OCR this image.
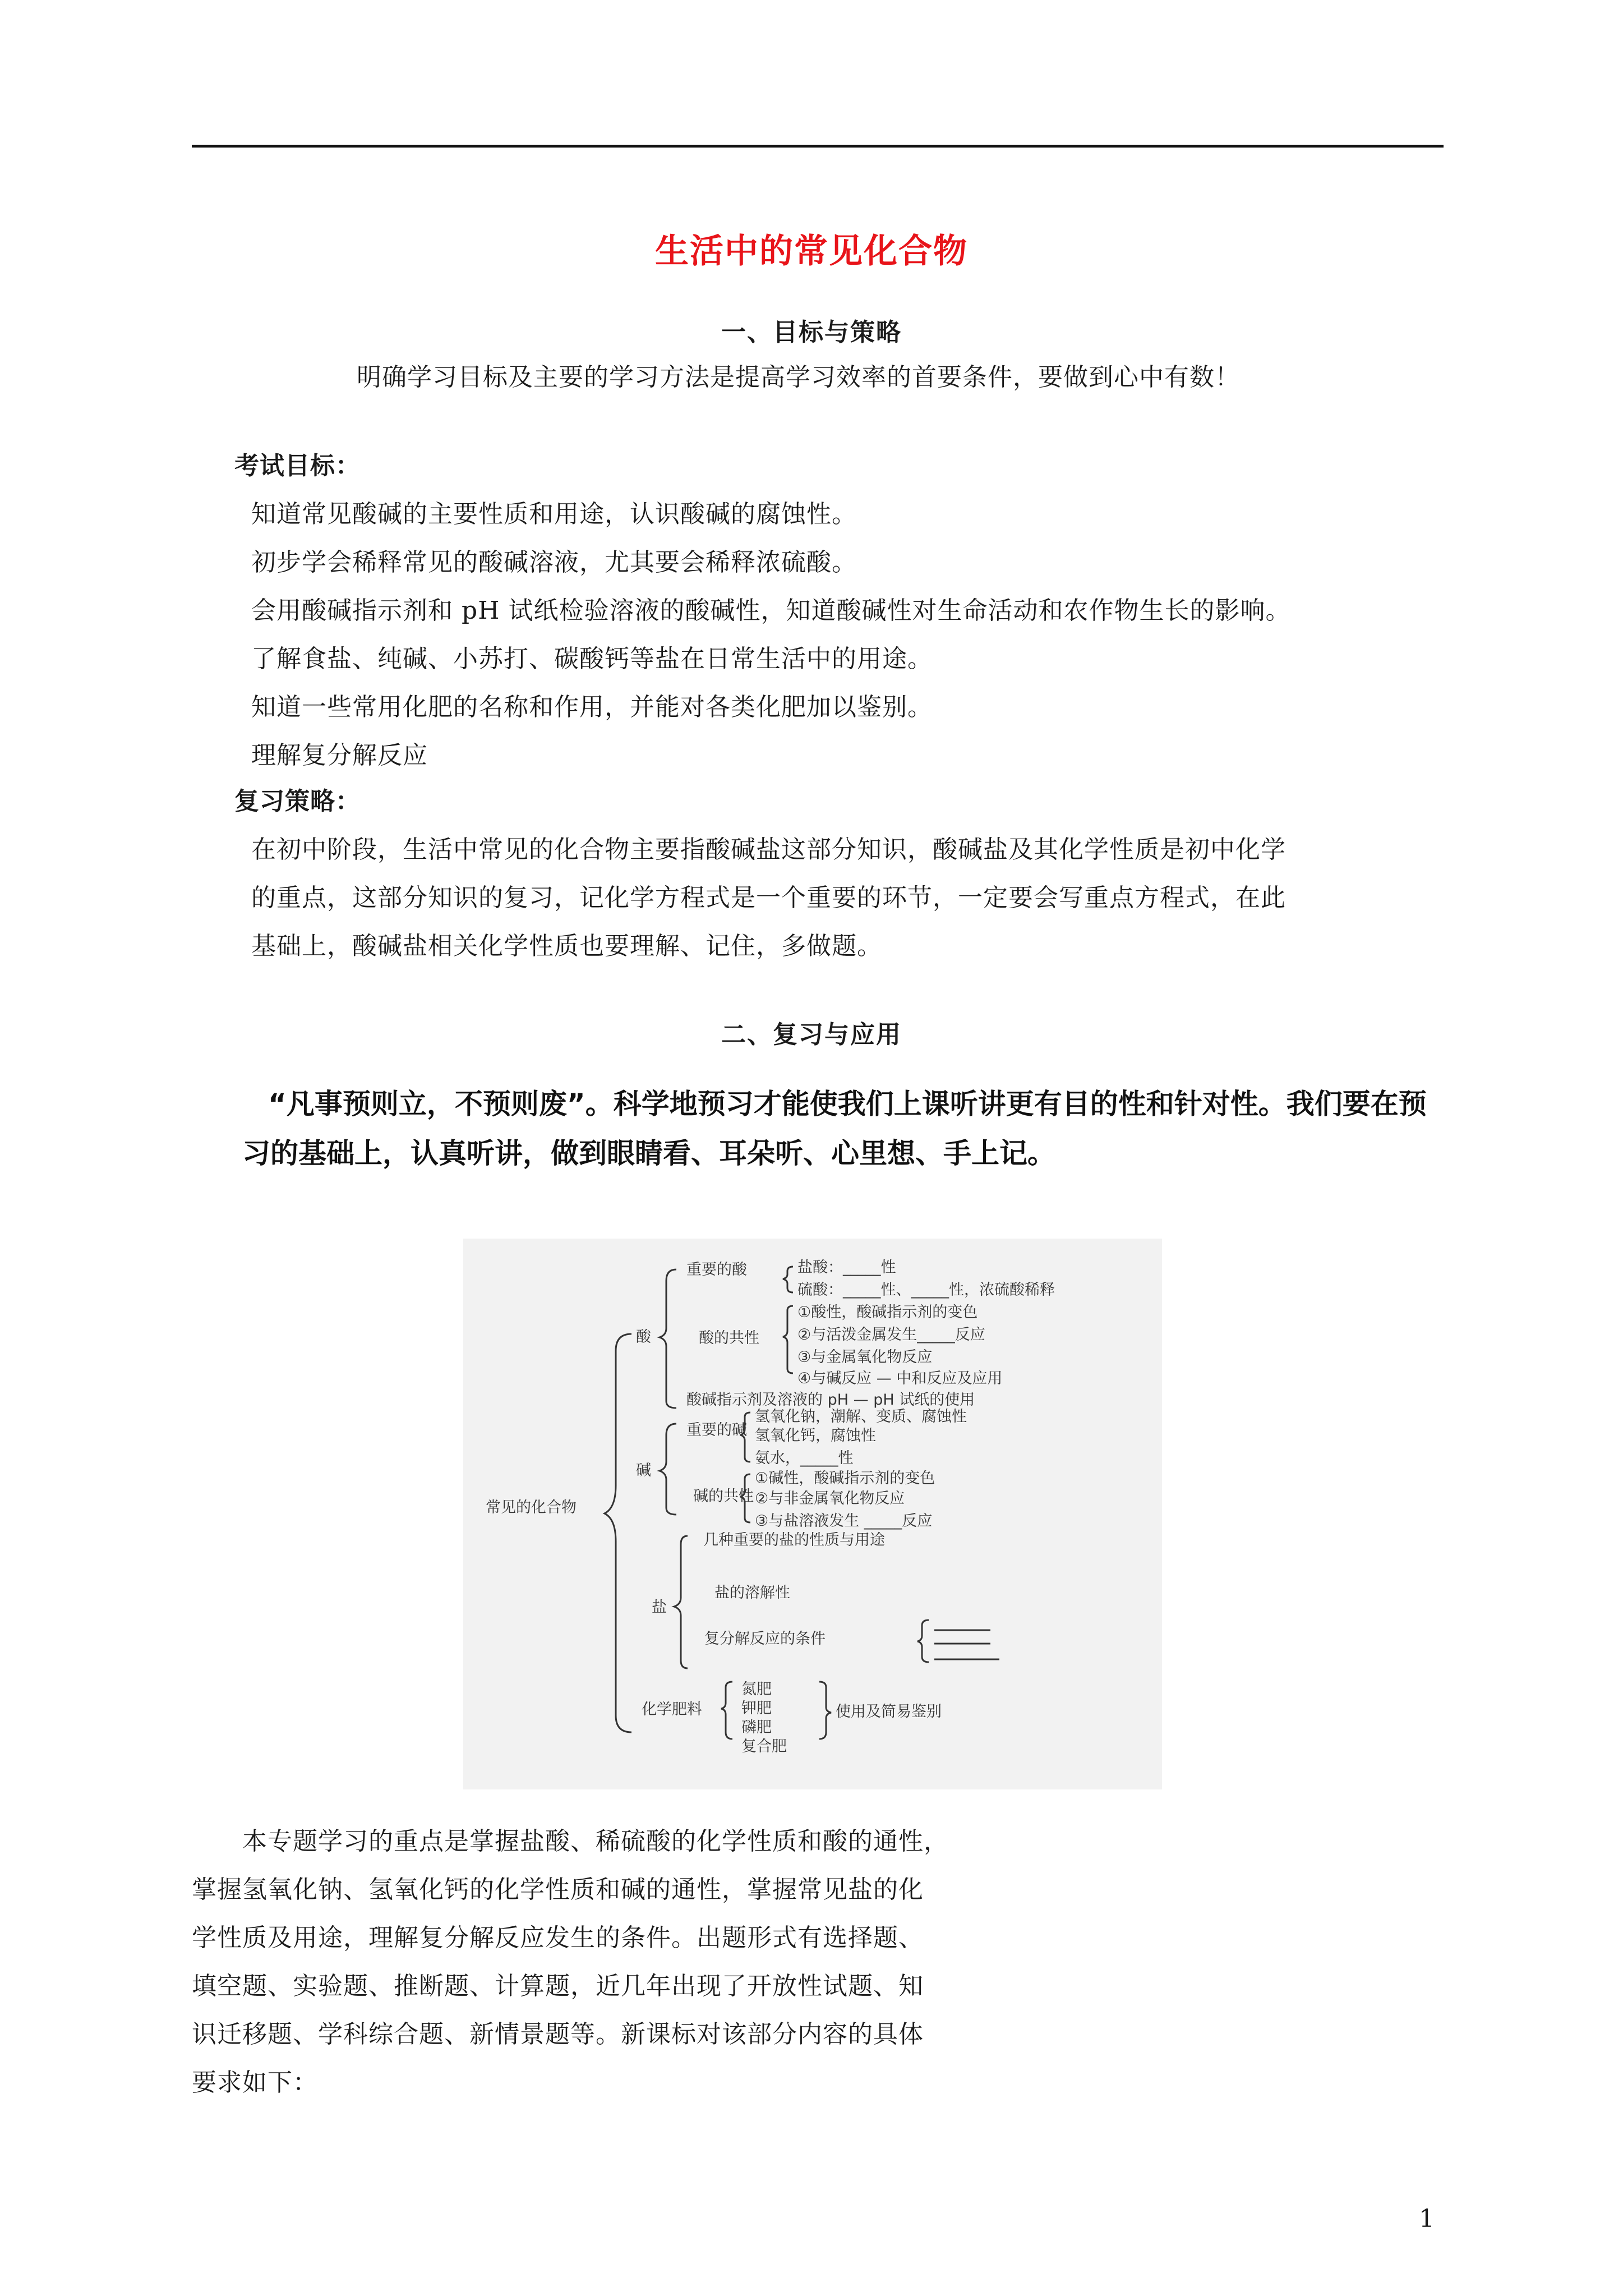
生活中的常见化合物
一、目标与策略
明确学习目标及主要的学习方法是提高学习效率的首要条件，要做到心中有数！
考试目标：
知道常见酸碱的主要性质和用途，认识酸碱的腐蚀性。
初步学会稀释常见的酸碱溶液，尤其要会稀释浓硫酸。
会用酸碱指示剂和 pH 试纸检验溶液的酸碱性，知道酸碱性对生命活动和农作物生长的影响。
了解食盐、纯碱、小苏打、碳酸钙等盐在日常生活中的用途。
知道一些常用化肥的名称和作用，并能对各类化肥加以鉴别。
理解复分解反应
复习策略：
在初中阶段，生活中常见的化合物主要指酸碱盐这部分知识，酸碱盐及其化学性质是初中化学
的重点，这部分知识的复习，记化学方程式是一个重要的环节，一定要会写重点方程式，在此
基础上，酸碱盐相关化学性质也要理解、记住，多做题。
二、复习与应用
“凡事预则立，不预则废”。科学地预习才能使我们上课听讲更有目的性和针对性。我们要在预
习的基础上，认真听讲，做到眼睛看、耳朵听、心里想、手上记。
常见的化合物
酸
重要的酸	盐酸：_____性
硫酸：_____性、_____性，浓硫酸稀释
酸的共性
①酸性，酸碱指示剂的变色
②与活泼金属发生_____反应
③与金属氧化物反应
④与碱反应 — 中和反应及应用
酸碱指示剂及溶液的 pH — pH 试纸的使用
碱
重要的碱
氢氧化钠，潮解、变质、腐蚀性
氢氧化钙，腐蚀性
氨水，_____性
碱的共性
①碱性，酸碱指示剂的变色
②与非金属氧化物反应
③与盐溶液发生 _____反应
盐
几种重要的盐的性质与用途
盐的溶解性
复分解反应的条件
化学肥料
氮肥
钾肥
磷肥
复合肥
使用及简易鉴别
本专题学习的重点是掌握盐酸、稀硫酸的化学性质和酸的通性，
掌握氢氧化钠、氢氧化钙的化学性质和碱的通性，掌握常见盐的化
学性质及用途，理解复分解反应发生的条件。出题形式有选择题、
填空题、实验题、推断题、计算题，近几年出现了开放性试题、知
识迁移题、学科综合题、新情景题等。新课标对该部分内容的具体
要求如下：
1
